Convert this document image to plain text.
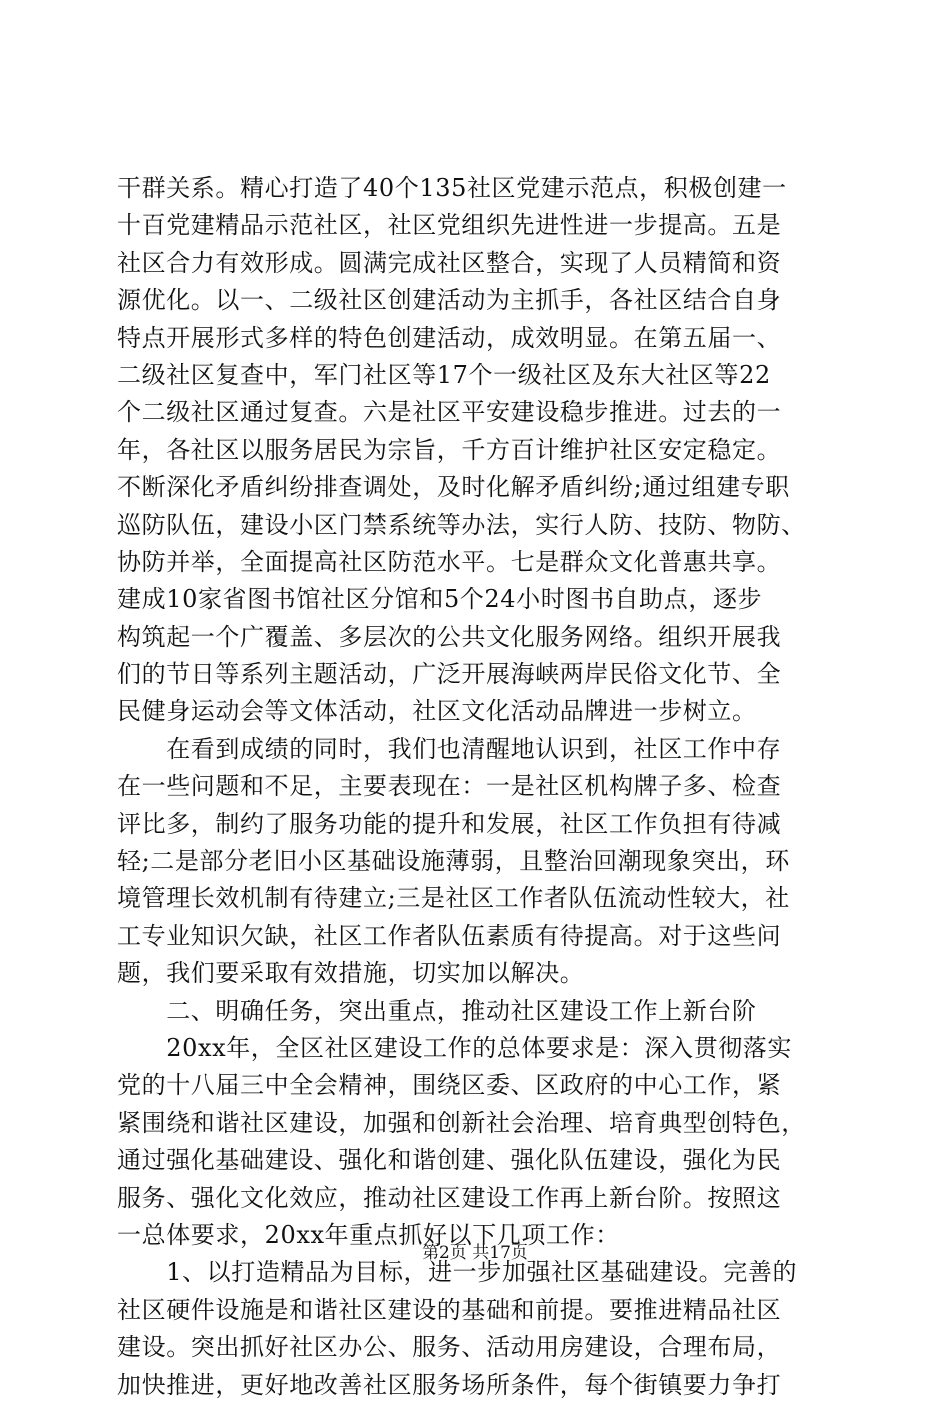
干群关系。精心打造了40个135社区党建示范点，积极创建一
十百党建精品示范社区，社区党组织先进性进一步提高。五是
社区合力有效形成。圆满完成社区整合，实现了人员精简和资
源优化。以一、二级社区创建活动为主抓手，各社区结合自身
特点开展形式多样的特色创建活动，成效明显。在第五届一、
二级社区复查中，军门社区等17个一级社区及东大社区等22
个二级社区通过复查。六是社区平安建设稳步推进。过去的一
年，各社区以服务居民为宗旨，千方百计维护社区安定稳定。
不断深化矛盾纠纷排查调处，及时化解矛盾纠纷;通过组建专职
巡防队伍，建设小区门禁系统等办法，实行人防、技防、物防、
协防并举，全面提高社区防范水平。七是群众文化普惠共享。
建成10家省图书馆社区分馆和5个24小时图书自助点，逐步
构筑起一个广覆盖、多层次的公共文化服务网络。组织开展我
们的节日等系列主题活动，广泛开展海峡两岸民俗文化节、全
民健身运动会等文体活动，社区文化活动品牌进一步树立。
　　在看到成绩的同时，我们也清醒地认识到，社区工作中存
在一些问题和不足，主要表现在：一是社区机构牌子多、检查
评比多，制约了服务功能的提升和发展，社区工作负担有待减
轻;二是部分老旧小区基础设施薄弱，且整治回潮现象突出，环
境管理长效机制有待建立;三是社区工作者队伍流动性较大，社
工专业知识欠缺，社区工作者队伍素质有待提高。对于这些问
题，我们要采取有效措施，切实加以解决。
　　二、明确任务，突出重点，推动社区建设工作上新台阶
　　20xx年，全区社区建设工作的总体要求是：深入贯彻落实
党的十八届三中全会精神，围绕区委、区政府的中心工作，紧
紧围绕和谐社区建设，加强和创新社会治理、培育典型创特色，
通过强化基础建设、强化和谐创建、强化队伍建设，强化为民
服务、强化文化效应，推动社区建设工作再上新台阶。按照这
一总体要求，20xx年重点抓好以下几项工作：
　　1、以打造精品为目标，进一步加强社区基础建设。完善的
社区硬件设施是和谐社区建设的基础和前提。要推进精品社区
建设。突出抓好社区办公、服务、活动用房建设，合理布局，
加快推进，更好地改善社区服务场所条件，每个街镇要力争打
第2页 共17页
